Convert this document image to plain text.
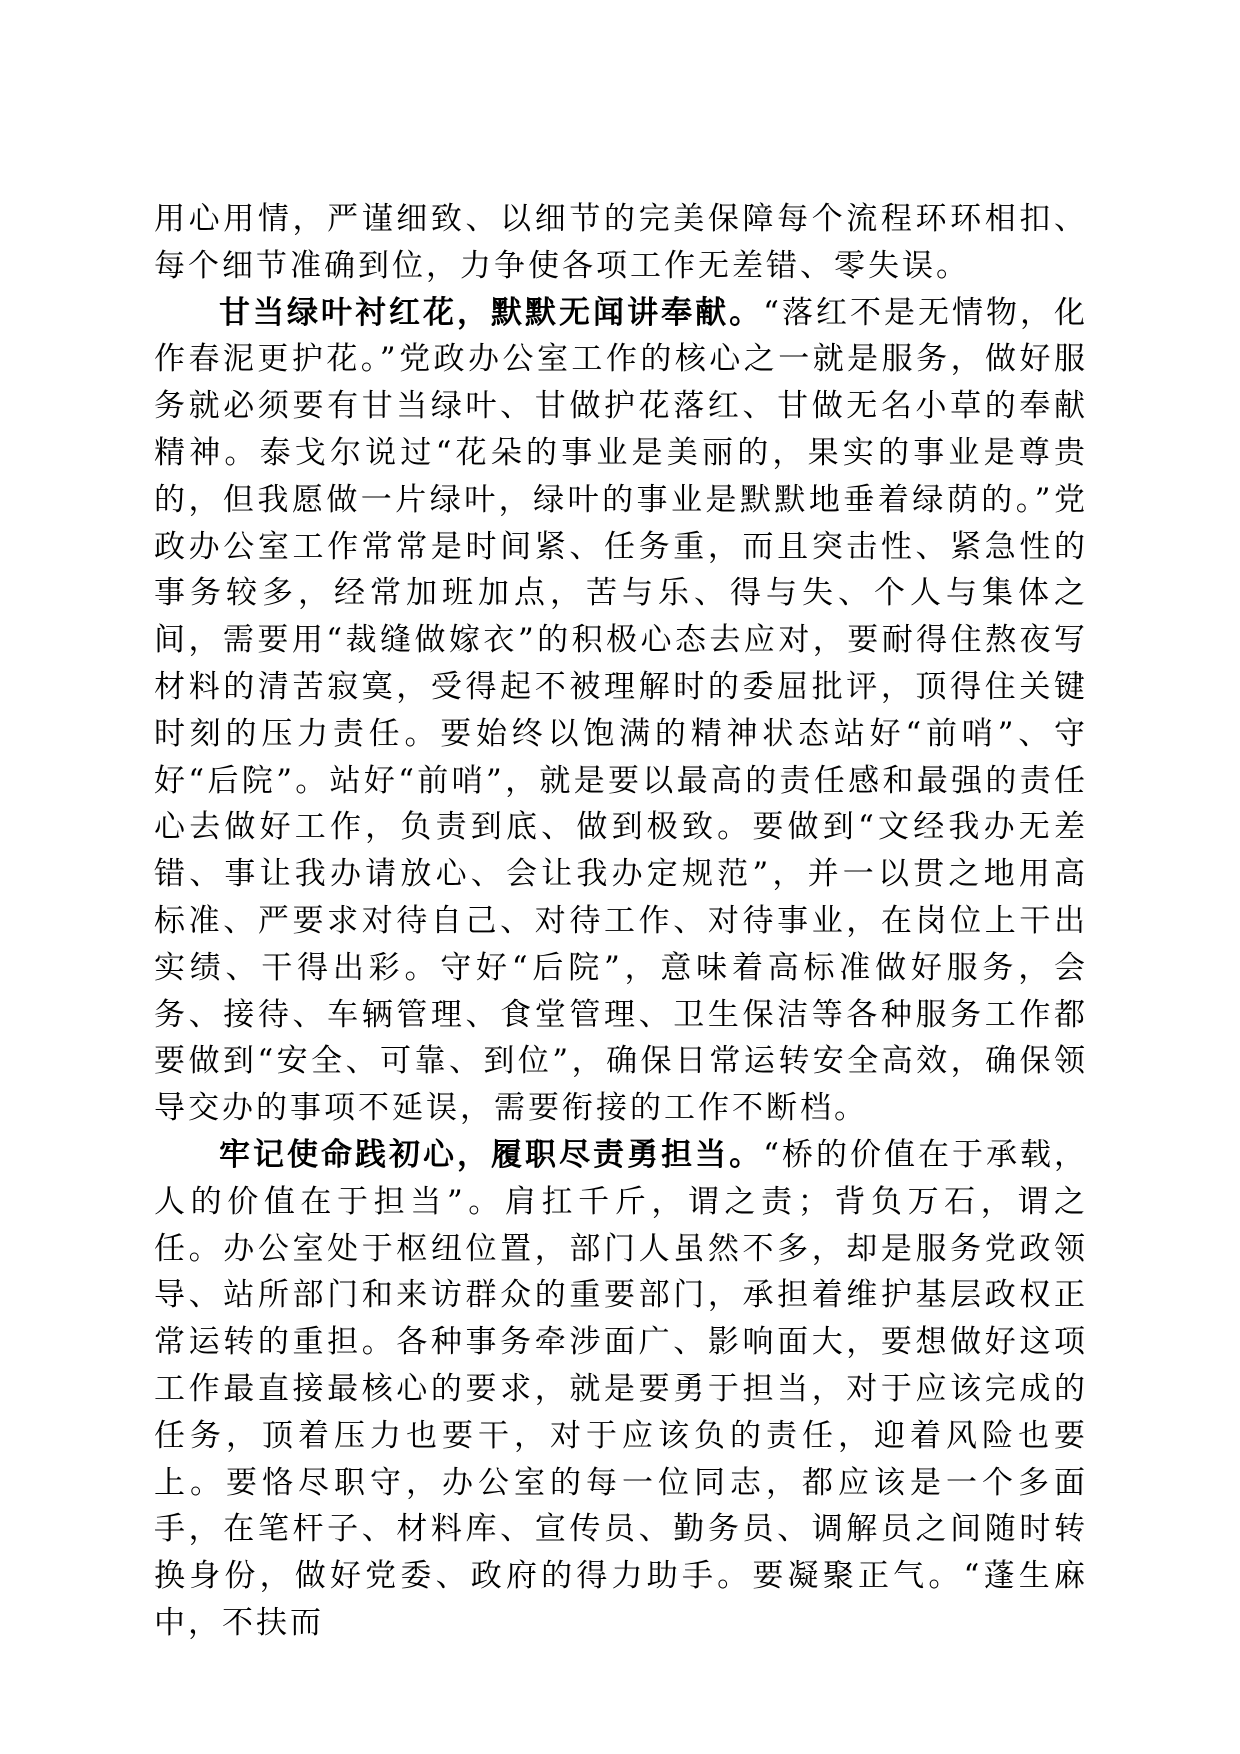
用心用情，严谨细致、以细节的完美保障每个流程环环相扣、每个细节准确到位，力争使各项工作无差错、零失误。

甘当绿叶衬红花，默默无闻讲奉献。“落红不是无情物，化作春泥更护花。”党政办公室工作的核心之一就是服务，做好服务就必须要有甘当绿叶、甘做护花落红、甘做无名小草的奉献精神。泰戈尔说过“花朵的事业是美丽的，果实的事业是尊贵的，但我愿做一片绿叶，绿叶的事业是默默地垂着绿荫的。”党政办公室工作常常是时间紧、任务重，而且突击性、紧急性的事务较多，经常加班加点，苦与乐、得与失、个人与集体之间，需要用“裁缝做嫁衣”的积极心态去应对，要耐得住熬夜写材料的清苦寂寞，受得起不被理解时的委屈批评，顶得住关键时刻的压力责任。要始终以饱满的精神状态站好“前哨”、守好“后院”。站好“前哨”，就是要以最高的责任感和最强的责任心去做好工作，负责到底、做到极致。要做到“文经我办无差错、事让我办请放心、会让我办定规范”，并一以贯之地用高标准、严要求对待自己、对待工作、对待事业，在岗位上干出实绩、干得出彩。守好“后院”，意味着高标准做好服务，会务、接待、车辆管理、食堂管理、卫生保洁等各种服务工作都要做到“安全、可靠、到位”，确保日常运转安全高效，确保领导交办的事项不延误，需要衔接的工作不断档。

牢记使命践初心，履职尽责勇担当。“桥的价值在于承载，人的价值在于担当”。肩扛千斤，谓之责；背负万石，谓之任。办公室处于枢纽位置，部门人虽然不多，却是服务党政领导、站所部门和来访群众的重要部门，承担着维护基层政权正常运转的重担。各种事务牵涉面广、影响面大，要想做好这项工作最直接最核心的要求，就是要勇于担当，对于应该完成的任务，顶着压力也要干，对于应该负的责任，迎着风险也要上。要恪尽职守，办公室的每一位同志，都应该是一个多面手，在笔杆子、材料库、宣传员、勤务员、调解员之间随时转换身份，做好党委、政府的得力助手。要凝聚正气。“蓬生麻中，不扶而
